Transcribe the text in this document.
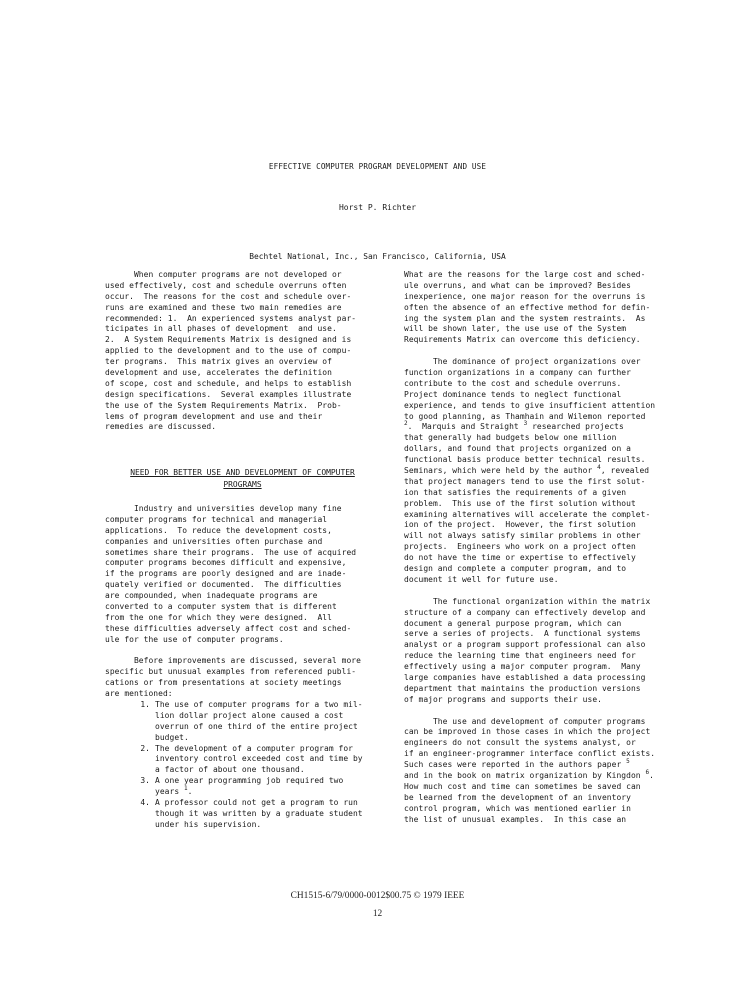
EFFECTIVE COMPUTER PROGRAM DEVELOPMENT AND USE
Horst P. Richter
Bechtel National, Inc., San Francisco, California, USA
When computer programs are not developed or
used effectively, cost and schedule overruns often
occur.  The reasons for the cost and schedule over-
runs are examined and these two main remedies are
recommended: 1.  An experienced systems analyst par-
ticipates in all phases of development  and use.
2.  A System Requirements Matrix is designed and is
applied to the development and to the use of compu-
ter programs.  This matrix gives an overview of
development and use, accelerates the definition
of scope, cost and schedule, and helps to establish
design specifications.  Several examples illustrate
the use of the System Requirements Matrix.  Prob-
lems of program development and use and their
remedies are discussed.
NEED FOR BETTER USE AND DEVELOPMENT OF COMPUTER
PROGRAMS
Industry and universities develop many fine
computer programs for technical and managerial
applications.  To reduce the development costs,
companies and universities often purchase and
sometimes share their programs.  The use of acquired
computer programs becomes difficult and expensive,
if the programs are poorly designed and are inade-
quately verified or documented.  The difficulties
are compounded, when inadequate programs are
converted to a computer system that is different
from the one for which they were designed.  All
these difficulties adversely affect cost and sched-
ule for the use of computer programs.
Before improvements are discussed, several more
specific but unusual examples from referenced publi-
cations or from presentations at society meetings
are mentioned:
1. The use of computer programs for a two mil-
lion dollar project alone caused a cost
overrun of one third of the entire project
budget.
2. The development of a computer program for
inventory control exceeded cost and time by
a factor of about one thousand.
3. A one year programming job required two
years $^1$.
4. A professor could not get a program to run
though it was written by a graduate student
under his supervision.
What are the reasons for the large cost and sched-
ule overruns, and what can be improved? Besides
inexperience, one major reason for the overruns is
often the absence of an effective method for defin-
ing the system plan and the system restraints.  As
will be shown later, the use use of the System
Requirements Matrix can overcome this deficiency.
The dominance of project organizations over
function organizations in a company can further
contribute to the cost and schedule overruns.
Project dominance tends to neglect functional
experience, and tends to give insufficient attention
to good planning, as Thamhain and Wilemon reported
$^2$.  Marquis and Straight $^3$ researched projects
that generally had budgets below one million
dollars, and found that projects organized on a
functional basis produce better technical results.
Seminars, which were held by the author $^4$, revealed
that project managers tend to use the first solut-
ion that satisfies the requirements of a given
problem.  This use of the first solution without
examining alternatives will accelerate the complet-
ion of the project.  However, the first solution
will not always satisfy similar problems in other
projects.  Engineers who work on a project often
do not have the time or expertise to effectively
design and complete a computer program, and to
document it well for future use.
The functional organization within the matrix
structure of a company can effectively develop and
document a general purpose program, which can
serve a series of projects.  A functional systems
analyst or a program support professional can also
reduce the learning time that engineers need for
effectively using a major computer program.  Many
large companies have established a data processing
department that maintains the production versions
of major programs and supports their use.
The use and development of computer programs
can be improved in those cases in which the project
engineers do not consult the systems analyst, or
if an engineer-programmer interface conflict exists.
Such cases were reported in the authors paper $^5$
and in the book on matrix organization by Kingdon $^6$.
How much cost and time can sometimes be saved can
be learned from the development of an inventory
control program, which was mentioned earlier in
the list of unusual examples.  In this case an
CH1515-6/79/0000-0012$00.75 © 1979 IEEE
12
